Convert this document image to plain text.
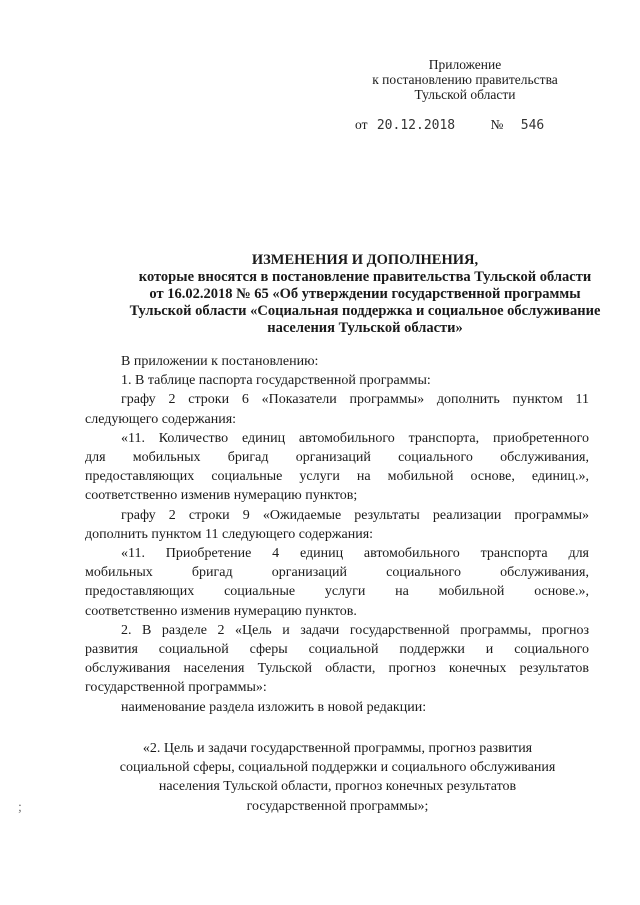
Приложение
к постановлению правительства
Тульской области
от 20.12.2018	№ 546
ИЗМЕНЕНИЯ И ДОПОЛНЕНИЯ,
которые вносятся в постановление правительства Тульской области
от 16.02.2018 № 65 «Об утверждении государственной программы
Тульской области «Социальная поддержка и социальное обслуживание
населения Тульской области»

В приложении к постановлению:

1. В таблице паспорта государственной программы:

графу 2 строки 6 «Показатели программы» дополнить пунктом 11

следующего содержания:

«11. Количество единиц автомобильного транспорта, приобретенного

для мобильных бригад организаций социального обслуживания,

предоставляющих социальные услуги на мобильной основе, единиц.»,

соответственно изменив нумерацию пунктов;

графу 2 строки 9 «Ожидаемые результаты реализации программы»

дополнить пунктом 11 следующего содержания:

«11. Приобретение 4 единиц автомобильного транспорта для

мобильных бригад организаций социального обслуживания,

предоставляющих социальные услуги на мобильной основе.»,

соответственно изменив нумерацию пунктов.

2. В разделе 2 «Цель и задачи государственной программы, прогноз

развития социальной сферы социальной поддержки и социального

обслуживания населения Тульской области, прогноз конечных результатов

государственной программы»:

наименование раздела изложить в новой редакции:

«2. Цель и задачи государственной программы, прогноз развития
социальной сферы, социальной поддержки и социального обслуживания
населения Тульской области, прогноз конечных результатов
государственной программы»;
;
